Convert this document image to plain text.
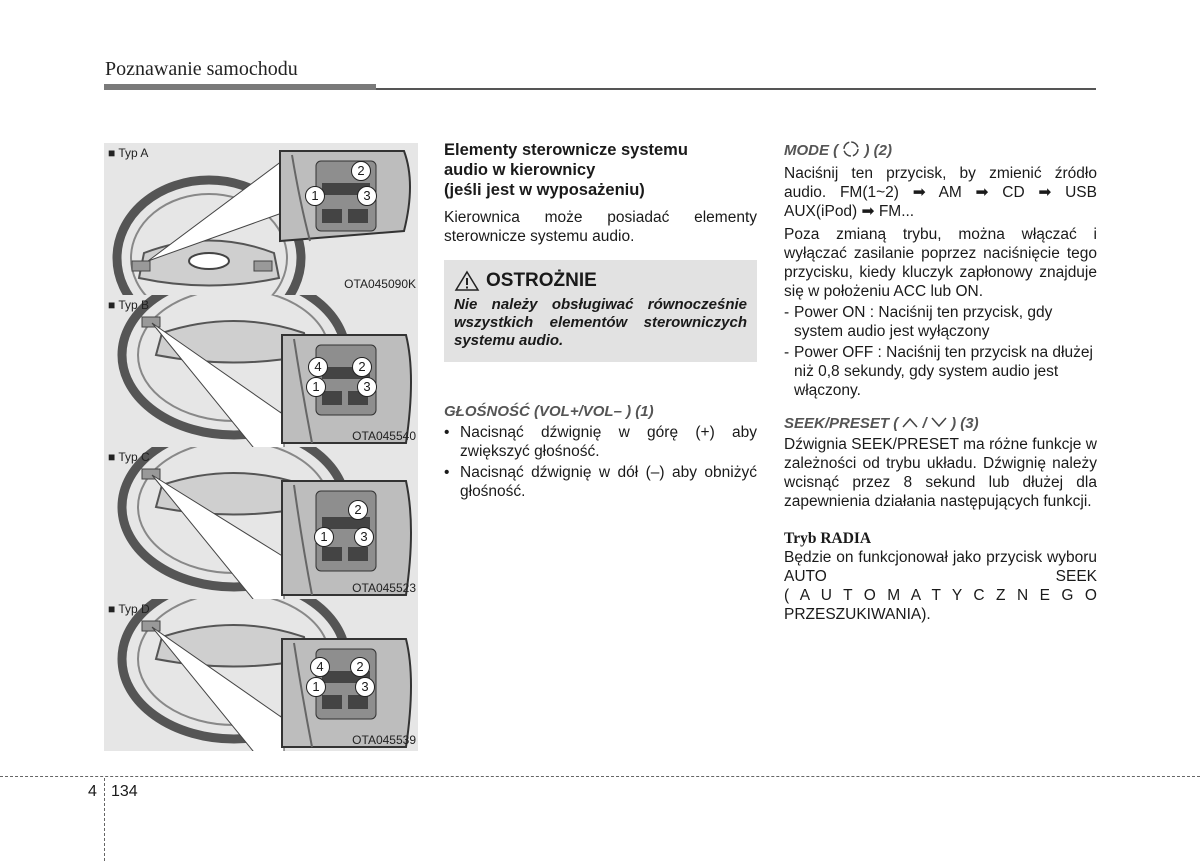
Poznawanie samochodu
2
1	3
■ Typ A
OTA045090K
4	2
1	3
■ Typ B
OTA045540
2
1	3
■ Typ C
OTA045523
4	2
1	3
■ Typ D
OTA045539

Elementy sterownicze systemu

audio w kierownicy

(jeśli jest w wyposażeniu)

Kierownica może posiadać elementy sterownicze systemu audio.

OSTROŻNIE
Nie należy obsługiwać równocześnie wszystkich elementów sterowniczych systemu audio.

GŁOŚNOŚĆ (VOL+/VOL– ) (1)

• Nacisnąć dźwignię w górę (+) aby zwiększyć głośność.
• Nacisnąć dźwignię w dół (–) aby obniżyć głośność.

MODE ( ) (2)

Naciśnij ten przycisk, by zmienić źródło audio. FM(1~2) ➡ AM ➡ CD ➡ USB AUX(iPod) ➡ FM...

Poza zmianą trybu, można włączać i wyłączać zasilanie poprzez naciśnięcie tego przycisku, kiedy kluczyk zapłonowy znajduje się w położeniu ACC lub ON.

- Power ON : Naciśnij ten przycisk, gdy system audio jest wyłączony
- Power OFF : Naciśnij ten przycisk na dłużej niż 0,8 sekundy, gdy system audio jest włączony.

SEEK/PRESET ( / ) (3)

Dźwignia SEEK/PRESET ma różne funkcje w zależności od trybu układu. Dźwignię należy wcisnąć przez 8 sekund lub dłużej dla zapewnienia działania następujących funkcji.

Tryb RADIA

Będzie on funkcjonował jako przycisk wyboru AUTO SEEK

( A U T O M A T Y C Z N E G O

PRZESZUKIWANIA).

4 134
